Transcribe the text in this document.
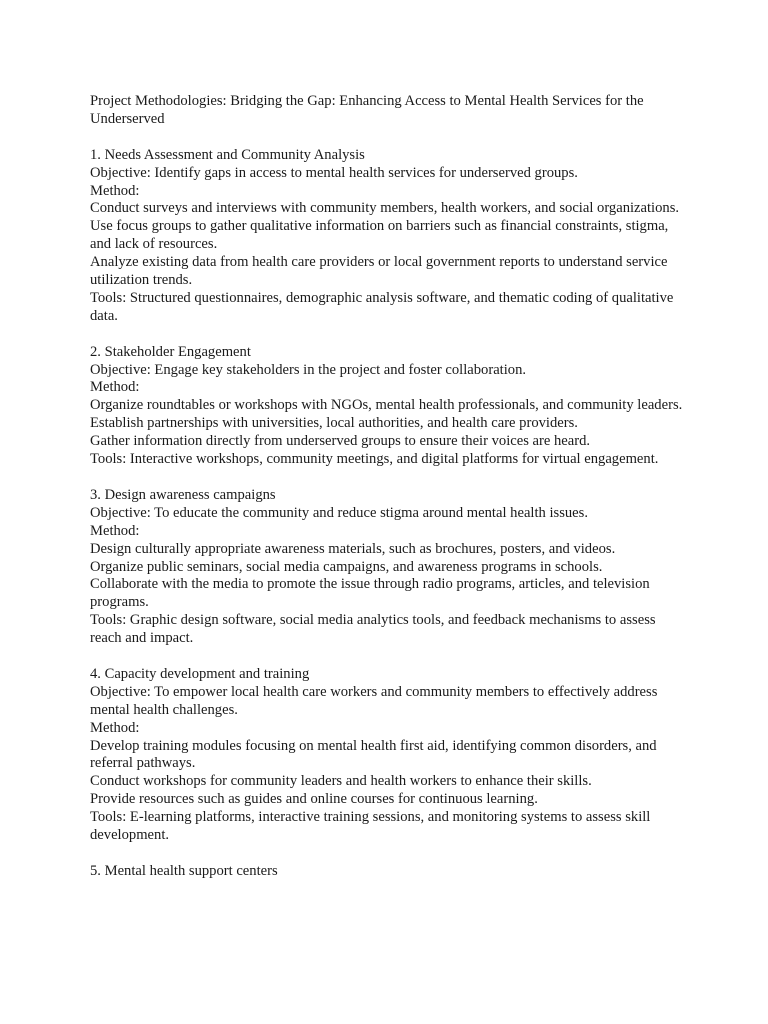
Project Methodologies: Bridging the Gap: Enhancing Access to Mental Health Services for the Underserved

1. Needs Assessment and Community Analysis

Objective: Identify gaps in access to mental health services for underserved groups.

Method:

Conduct surveys and interviews with community members, health workers, and social organizations.

Use focus groups to gather qualitative information on barriers such as financial constraints, stigma, and lack of resources.

Analyze existing data from health care providers or local government reports to understand service utilization trends.

Tools: Structured questionnaires, demographic analysis software, and thematic coding of qualitative data.

2. Stakeholder Engagement

Objective: Engage key stakeholders in the project and foster collaboration.

Method:

Organize roundtables or workshops with NGOs, mental health professionals, and community leaders.

Establish partnerships with universities, local authorities, and health care providers.

Gather information directly from underserved groups to ensure their voices are heard.

Tools: Interactive workshops, community meetings, and digital platforms for virtual engagement.

3. Design awareness campaigns

Objective: To educate the community and reduce stigma around mental health issues.

Method:

Design culturally appropriate awareness materials, such as brochures, posters, and videos.

Organize public seminars, social media campaigns, and awareness programs in schools.

Collaborate with the media to promote the issue through radio programs, articles, and television programs.

Tools: Graphic design software, social media analytics tools, and feedback mechanisms to assess reach and impact.

4. Capacity development and training

Objective: To empower local health care workers and community members to effectively address mental health challenges.

Method:

Develop training modules focusing on mental health first aid, identifying common disorders, and referral pathways.

Conduct workshops for community leaders and health workers to enhance their skills.

Provide resources such as guides and online courses for continuous learning.

Tools: E-learning platforms, interactive training sessions, and monitoring systems to assess skill development.

5. Mental health support centers
